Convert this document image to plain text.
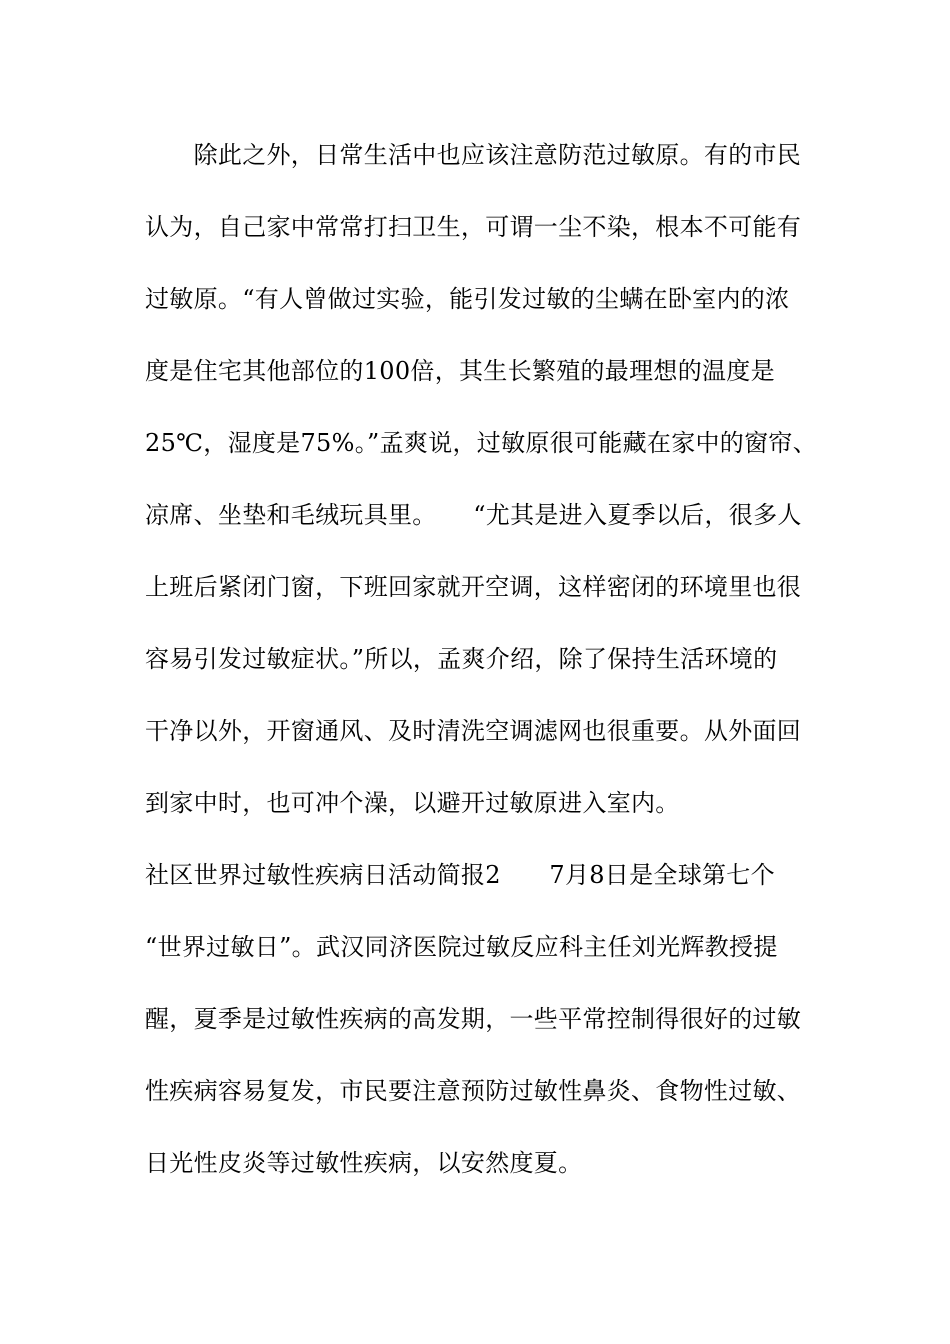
　　除此之外，日常生活中也应该注意防范过敏原。有的市民
认为，自己家中常常打扫卫生，可谓一尘不染，根本不可能有
过敏原。“有人曾做过实验，能引发过敏的尘螨在卧室内的浓
度是住宅其他部位的100倍，其生长繁殖的最理想的温度是
25℃，湿度是75%。”孟爽说，过敏原很可能藏在家中的窗帘、
凉席、坐垫和毛绒玩具里。　　“尤其是进入夏季以后，很多人
上班后紧闭门窗，下班回家就开空调，这样密闭的环境里也很
容易引发过敏症状。”所以，孟爽介绍，除了保持生活环境的
干净以外，开窗通风、及时清洗空调滤网也很重要。从外面回
到家中时，也可冲个澡，以避开过敏原进入室内。
社区世界过敏性疾病日活动简报2　　7月8日是全球第七个
“世界过敏日”。武汉同济医院过敏反应科主任刘光辉教授提
醒，夏季是过敏性疾病的高发期，一些平常控制得很好的过敏
性疾病容易复发，市民要注意预防过敏性鼻炎、食物性过敏、
日光性皮炎等过敏性疾病，以安然度夏。
